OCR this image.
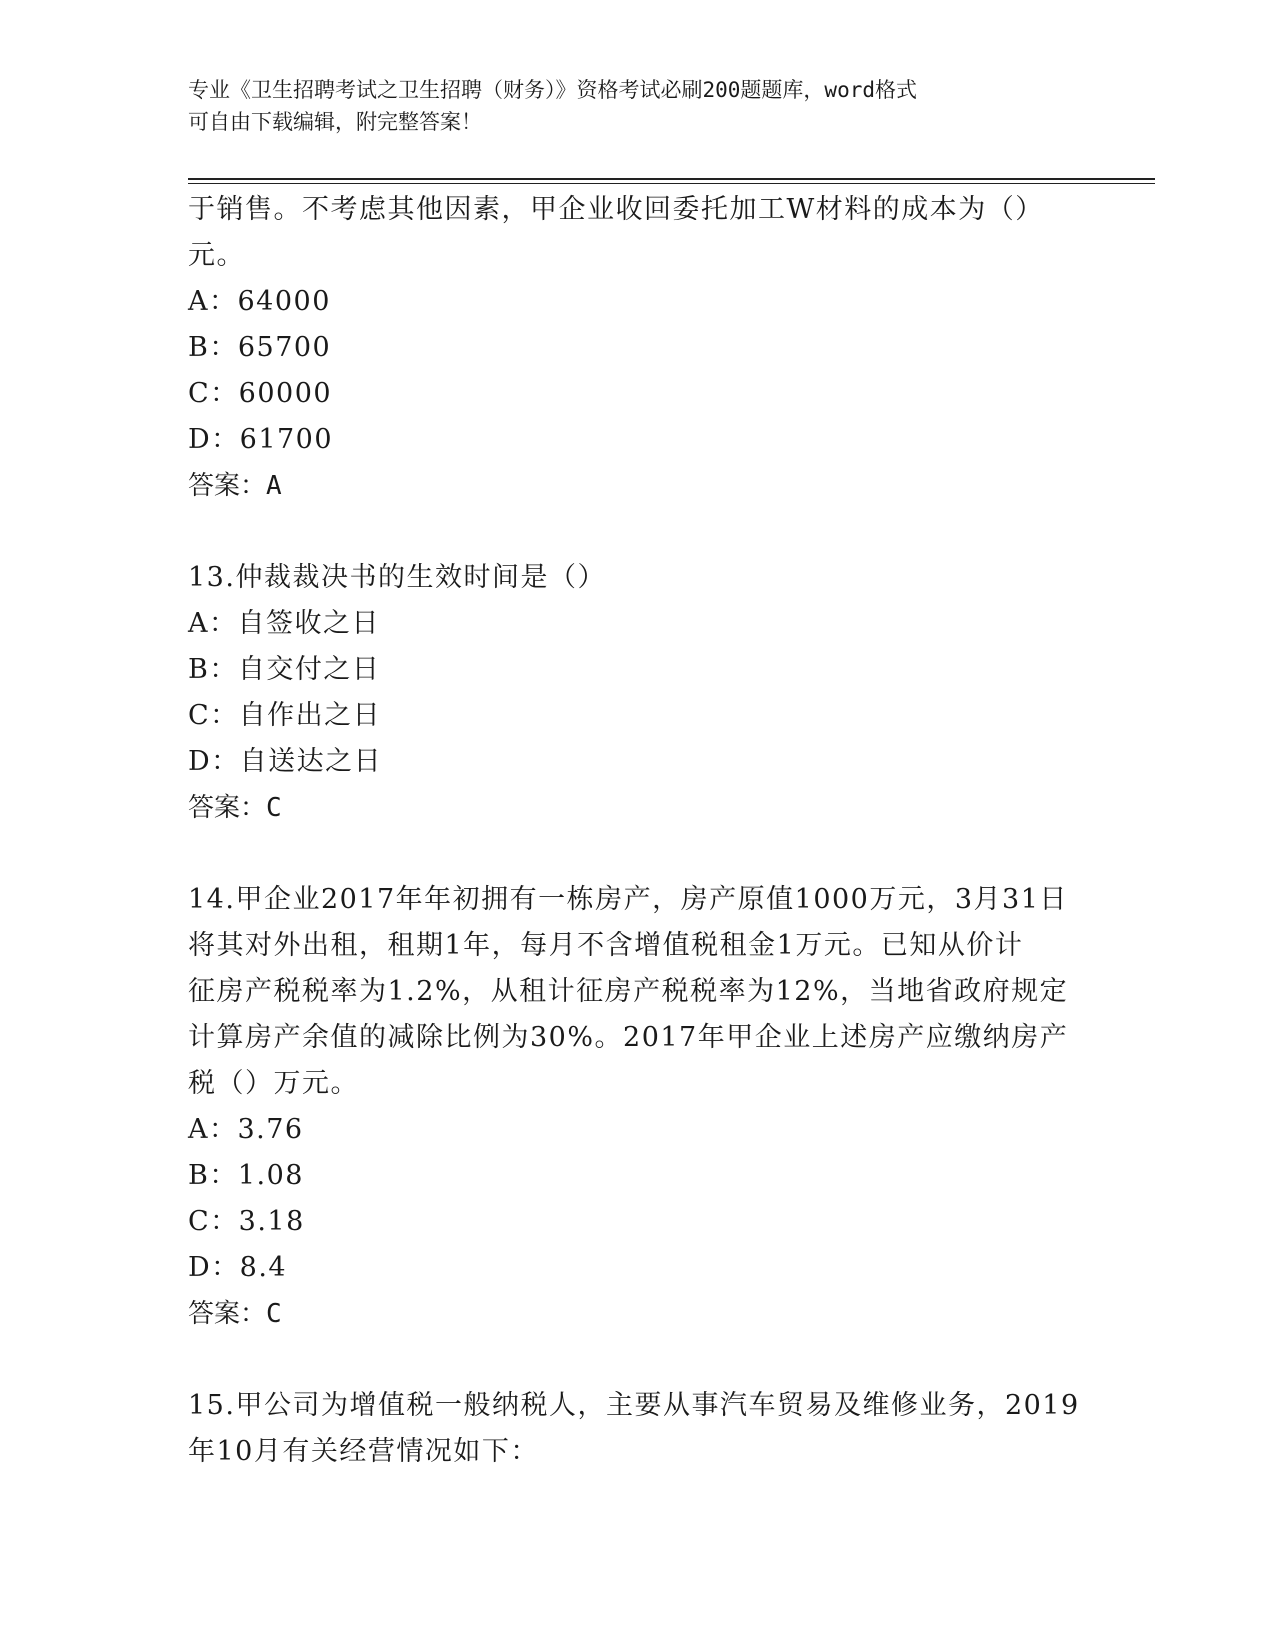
专业《卫生招聘考试之卫生招聘（财务）》资格考试必刷200题题库，word格式
可自由下载编辑，附完整答案！
于销售。不考虑其他因素，甲企业收回委托加工W材料的成本为（）
元。
A：64000
B：65700
C：60000
D：61700
答案：A
13.仲裁裁决书的生效时间是（）
A：自签收之日
B：自交付之日
C：自作出之日
D：自送达之日
答案：C
14.甲企业2017年年初拥有一栋房产，房产原值1000万元，3月31日
将其对外出租，租期1年，每月不含增值税租金1万元。已知从价计
征房产税税率为1.2%，从租计征房产税税率为12%，当地省政府规定
计算房产余值的减除比例为30%。2017年甲企业上述房产应缴纳房产
税（）万元。
A：3.76
B：1.08
C：3.18
D：8.4
答案：C
15.甲公司为增值税一般纳税人，主要从事汽车贸易及维修业务，2019
年10月有关经营情况如下：
